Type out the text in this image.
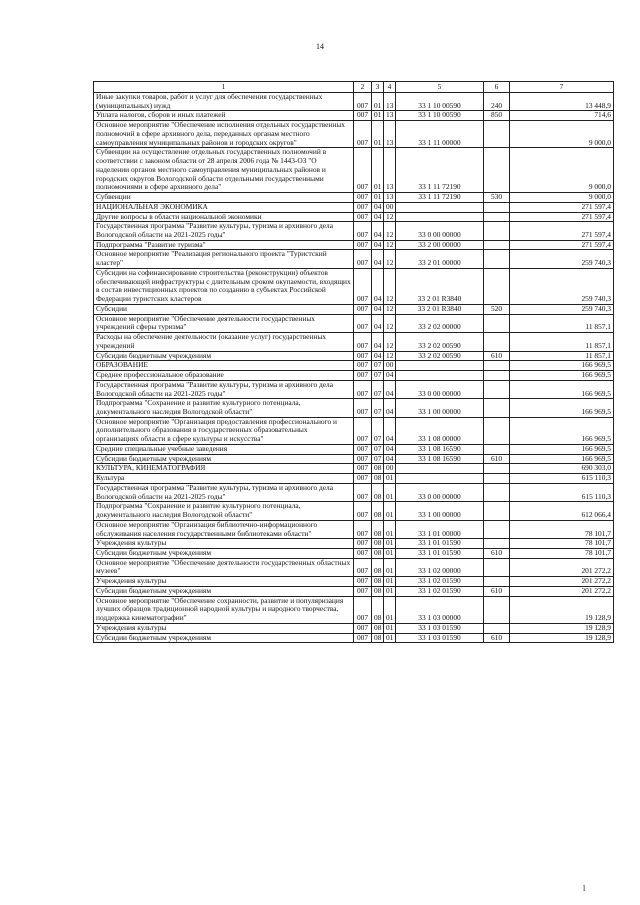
14
1	2	3	4	5	6	7
Иные закупки товаров, работ и услуг для обеспечения государственных (муниципальных) нужд	007	01	13	33 1 10 00590	240	13 448,9
Уплата налогов, сборов и иных платежей	007	01	13	33 1 10 00590	850	714,6
Основное мероприятие "Обеспечение исполнения отдельных государственных полномочий в сфере архивного дела, переданных органам местного самоуправления муниципальных районов и городских округов"	007	01	13	33 1 11 00000		9 000,0
Субвенции на осуществление отдельных государственных полномочий в соответствии с законом области от 28 апреля 2006 года № 1443-ОЗ "О наделении органов местного самоуправления муниципальных районов и городских округов Вологодской области отдельными государственными полномочиями в сфере архивного дела"	007	01	13	33 1 11 72190		9 000,0
Субвенции	007	01	13	33 1 11 72190	530	9 000,0
НАЦИОНАЛЬНАЯ ЭКОНОМИКА	007	04	00			271 597,4
Другие вопросы в области национальной экономики	007	04	12			271 597,4
Государственная программа "Развитие культуры, туризма и архивного дела Вологодской области на 2021-2025 годы"	007	04	12	33 0 00 00000		271 597,4
Подпрограмма "Развитие туризма"	007	04	12	33 2 00 00000		271 597,4
Основное мероприятие "Реализация регионального проекта "Туристский кластер"	007	04	12	33 2 01 00000		259 740,3
Субсидии на софинансирование строительства (реконструкции) объектов обеспечивающей инфраструктуры с длительным сроком окупаемости, входящих в состав инвестиционных проектов по созданию в субъектах Российской Федерации туристских кластеров	007	04	12	33 2 01 R3840		259 740,3
Субсидии	007	04	12	33 2 01 R3840	520	259 740,3
Основное мероприятие "Обеспечение деятельности государственных учреждений сферы туризма"	007	04	12	33 2 02 00000		11 857,1
Расходы на обеспечение деятельности (оказание услуг) государственных учреждений	007	04	12	33 2 02 00590		11 857,1
Субсидии бюджетным учреждениям	007	04	12	33 2 02 00590	610	11 857,1
ОБРАЗОВАНИЕ	007	07	00			166 969,5
Среднее профессиональное образование	007	07	04			166 969,5
Государственная программа "Развитие культуры, туризма и архивного дела Вологодской области на 2021-2025 годы"	007	07	04	33 0 00 00000		166 969,5
Подпрограмма "Сохранение и развитие культурного потенциала, документального наследия Вологодской области"	007	07	04	33 1 00 00000		166 969,5
Основное мероприятие "Организация предоставления профессионального и дополнительного образования в государственных образовательных организациях области в сфере культуры и искусства"	007	07	04	33 1 08 00000		166 969,5
Средние специальные учебные заведения	007	07	04	33 1 08 16590		166 969,5
Субсидии бюджетным учреждениям	007	07	04	33 1 08 16590	610	166 969,5
КУЛЬТУРА, КИНЕМАТОГРАФИЯ	007	08	00			690 303,0
Культура	007	08	01			615 110,3
Государственная программа "Развитие культуры, туризма и архивного дела Вологодской области на 2021-2025 годы"	007	08	01	33 0 00 00000		615 110,3
Подпрограмма "Сохранение и развитие культурного потенциала, документального наследия Вологодской области"	007	08	01	33 1 00 00000		612 066,4
Основное мероприятие "Организация библиотечно-информационного обслуживания населения государственными библиотеками области"	007	08	01	33 1 01 00000		78 101,7
Учреждения культуры	007	08	01	33 1 01 01590		78 101,7
Субсидии бюджетным учреждениям	007	08	01	33 1 01 01590	610	78 101,7
Основное мероприятие "Обеспечение деятельности государственных областных музеев"	007	08	01	33 1 02 00000		201 272,2
Учреждения культуры	007	08	01	33 1 02 01590		201 272,2
Субсидии бюджетным учреждениям	007	08	01	33 1 02 01590	610	201 272,2
Основное мероприятие "Обеспечение сохранности, развитие и популяризация лучших образцов традиционной народной культуры и народного творчества, поддержка кинематографии"	007	08	01	33 1 03 00000		19 128,9
Учреждения культуры	007	08	01	33 1 03 01590		19 128,9
Субсидии бюджетным учреждениям	007	08	01	33 1 03 01590	610	19 128,9
l
